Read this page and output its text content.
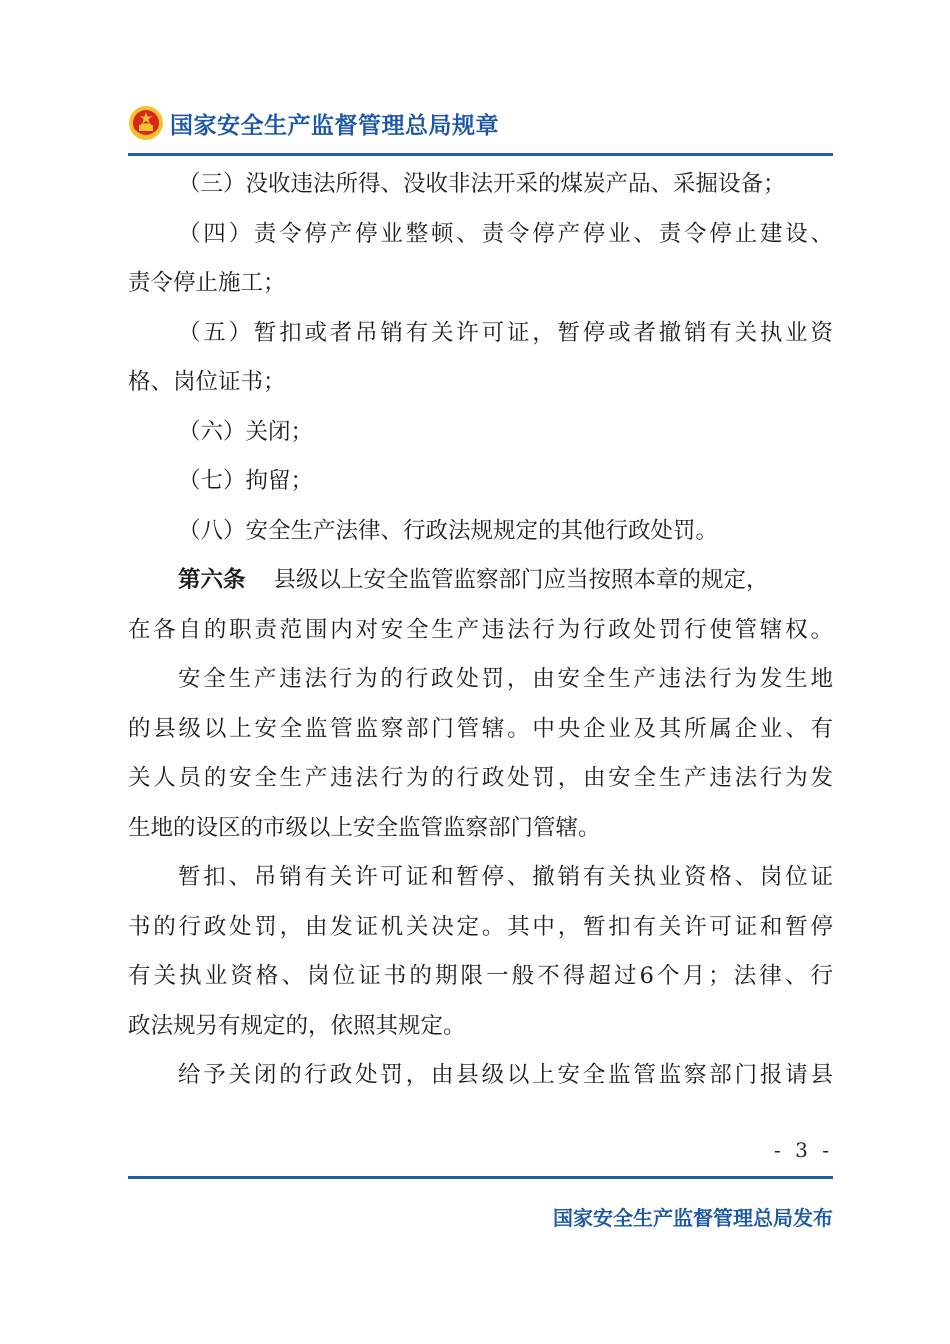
国家安全生产监督管理总局规章
（三）没收违法所得、没收非法开采的煤炭产品、采掘设备；
（四）责令停产停业整顿、责令停产停业、责令停止建设、
责令停止施工；
（五）暂扣或者吊销有关许可证，暂停或者撤销有关执业资
格、岗位证书；
（六）关闭；
（七）拘留；
（八）安全生产法律、行政法规规定的其他行政处罚。
第六条 县级以上安全监管监察部门应当按照本章的规定，
在各自的职责范围内对安全生产违法行为行政处罚行使管辖权。
安全生产违法行为的行政处罚，由安全生产违法行为发生地
的县级以上安全监管监察部门管辖。中央企业及其所属企业、有
关人员的安全生产违法行为的行政处罚，由安全生产违法行为发
生地的设区的市级以上安全监管监察部门管辖。
暂扣、吊销有关许可证和暂停、撤销有关执业资格、岗位证
书的行政处罚，由发证机关决定。其中，暂扣有关许可证和暂停
有关执业资格、岗位证书的期限一般不得超过6个月；法律、行
政法规另有规定的，依照其规定。
给予关闭的行政处罚，由县级以上安全监管监察部门报请县
- 3 -
国家安全生产监督管理总局发布
